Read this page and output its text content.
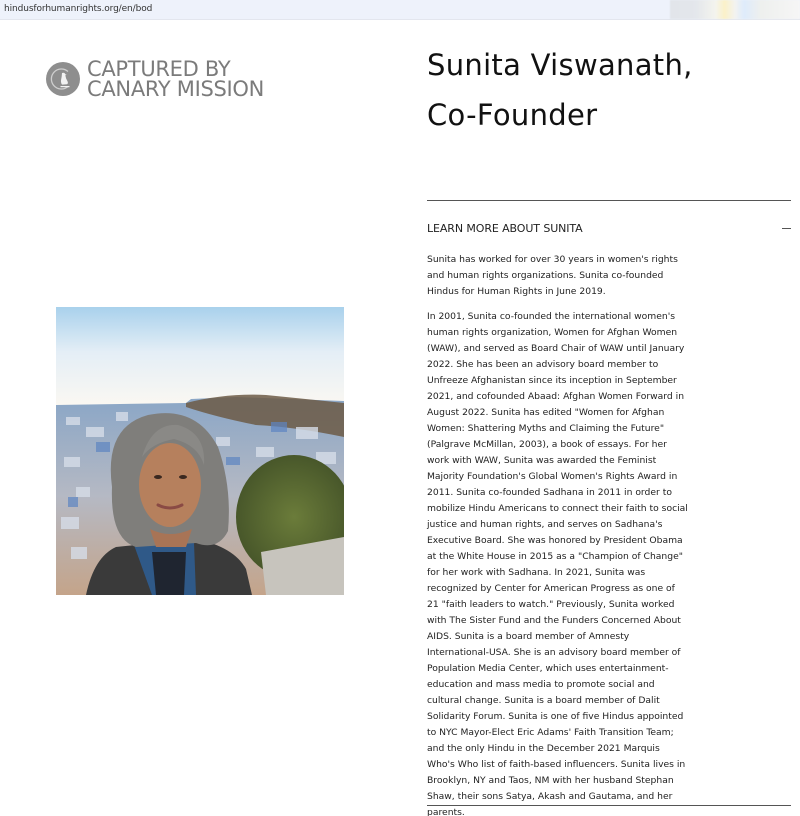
hindusforhumanrights.org/en/bod
CAPTURED BY
CANARY MISSION
Sunita Viswanath,
Co-Founder
LEARN MORE ABOUT SUNITA

Sunita has worked for over 30 years in women's rights and human rights organizations. Sunita co-founded Hindus for Human Rights in June 2019.

In 2001, Sunita co-founded the international women's human rights organization, Women for Afghan Women (WAW), and served as Board Chair of WAW until January 2022. She has been an advisory board member to Unfreeze Afghanistan since its inception in September 2021, and cofounded Abaad: Afghan Women Forward in August 2022. Sunita has edited "Women for Afghan Women: Shattering Myths and Claiming the Future" (Palgrave McMillan, 2003), a book of essays. For her work with WAW, Sunita was awarded the Feminist Majority Foundation's Global Women's Rights Award in 2011. Sunita co-founded Sadhana in 2011 in order to mobilize Hindu Americans to connect their faith to social justice and human rights, and serves on Sadhana's Executive Board. She was honored by President Obama at the White House in 2015 as a "Champion of Change" for her work with Sadhana. In 2021, Sunita was recognized by Center for American Progress as one of 21 "faith leaders to watch." Previously, Sunita worked with The Sister Fund and the Funders Concerned About AIDS. Sunita is a board member of Amnesty International-USA. She is an advisory board member of Population Media Center, which uses entertainment-education and mass media to promote social and cultural change. Sunita is a board member of Dalit Solidarity Forum. Sunita is one of five Hindus appointed to NYC Mayor-Elect Eric Adams' Faith Transition Team; and the only Hindu in the December 2021 Marquis Who's Who list of faith-based influencers. Sunita lives in Brooklyn, NY and Taos, NM with her husband Stephan Shaw, their sons Satya, Akash and Gautama, and her parents.
